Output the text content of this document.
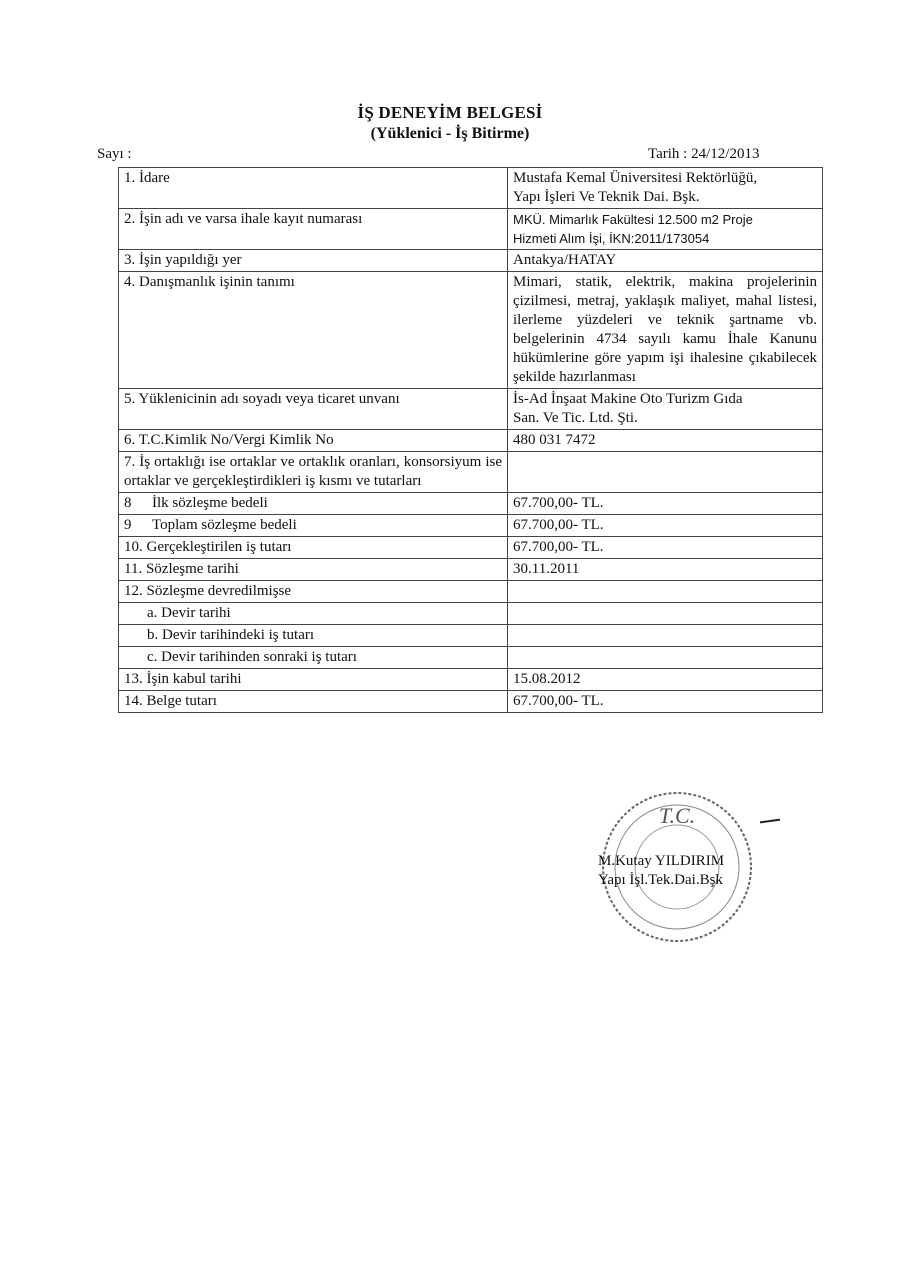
İŞ DENEYİM BELGESİ
(Yüklenici - İş Bitirme)
Sayı :	Tarih : 24/12/2013
1. İdare	Mustafa Kemal Üniversitesi Rektörlüğü,
Yapı İşleri Ve Teknik Dai. Bşk.

2. İşin adı ve varsa ihale kayıt numarası	MKÜ. Mimarlık Fakültesi 12.500 m2 Proje
Hizmeti Alım İşi, İKN:2011/173054

3. İşin yapıldığı yer	Antakya/HATAY
4. Danışmanlık işinin tanımı	Mimari, statik, elektrik, makina projelerinin çizilmesi, metraj, yaklaşık maliyet, mahal listesi, ilerleme yüzdeleri ve teknik şartname vb. belgelerinin 4734 sayılı kamu İhale Kanunu hükümlerine göre yapım işi ihalesine çıkabilecek şekilde hazırlanması
5. Yüklenicinin adı soyadı veya ticaret unvanı	İs-Ad İnşaat Makine Oto Turizm Gıda
San. Ve Tic. Ltd. Şti.

6. T.C.Kimlik No/Vergi Kimlik No	480 031 7472
7. İş ortaklığı ise ortaklar ve ortaklık oranları, konsorsiyum ise ortaklar ve gerçekleştirdikleri iş kısmı ve tutarları	
8 İlk sözleşme bedeli	67.700,00- TL.
9 Toplam sözleşme bedeli	67.700,00- TL.
10. Gerçekleştirilen iş tutarı	67.700,00- TL.
11. Sözleşme tarihi	30.11.2011
12. Sözleşme devredilmişse	
a. Devir tarihi	
b. Devir tarihindeki iş tutarı	
c. Devir tarihinden sonraki iş tutarı	
13. İşin kabul tarihi	15.08.2012
14. Belge tutarı	67.700,00- TL.
T.C.
M.Kutay YILDIRIM
Yapı İşl.Tek.Dai.Bşk
